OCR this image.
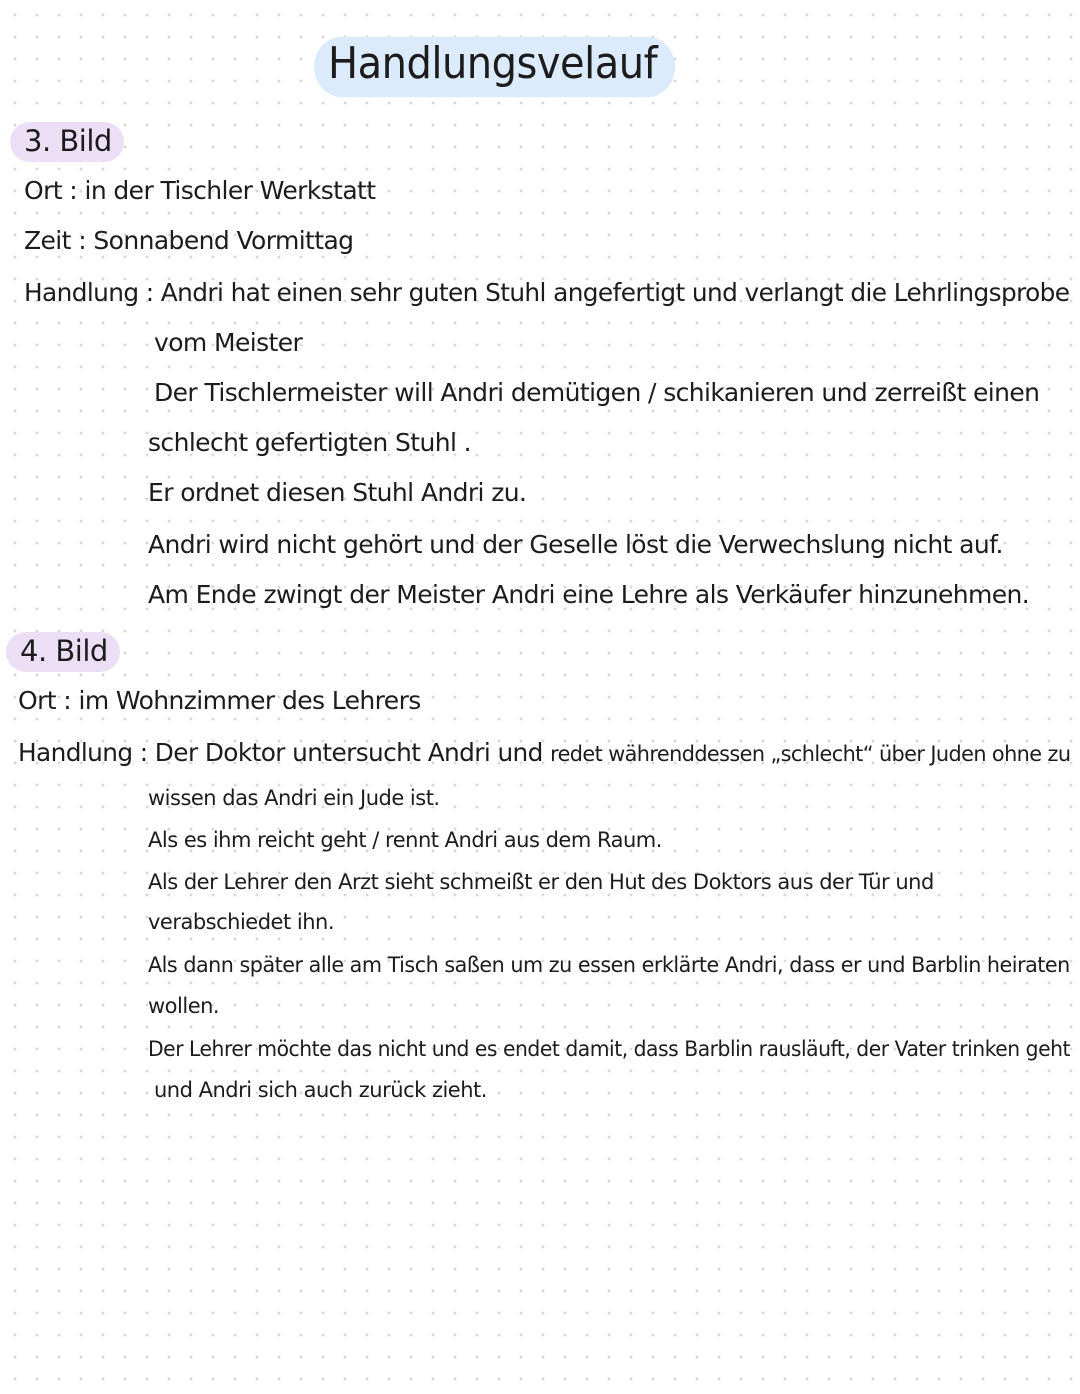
Handlungsvelauf
3. Bild
Ort : in der Tischler Werkstatt
Zeit : Sonnabend Vormittag
Handlung : Andri hat einen sehr guten Stuhl angefertigt und verlangt die Lehrlingsprobe
vom Meister
Der Tischlermeister will Andri demütigen / schikanieren und zerreißt einen
schlecht gefertigten Stuhl .
Er ordnet diesen Stuhl Andri zu.
Andri wird nicht gehört und der Geselle löst die Verwechslung nicht auf.
Am Ende zwingt der Meister Andri eine Lehre als Verkäufer hinzunehmen.
4. Bild
Ort : im Wohnzimmer des Lehrers
Handlung : Der Doktor untersucht Andri und redet währenddessen „schlecht“ über Juden ohne zu
wissen das Andri ein Jude ist.
Als es ihm reicht geht / rennt Andri aus dem Raum.
Als der Lehrer den Arzt sieht schmeißt er den Hut des Doktors aus der Tür und
verabschiedet ihn.
Als dann später alle am Tisch saßen um zu essen erklärte Andri, dass er und Barblin heiraten
wollen.
Der Lehrer möchte das nicht und es endet damit, dass Barblin rausläuft, der Vater trinken geht
und Andri sich auch zurück zieht.
